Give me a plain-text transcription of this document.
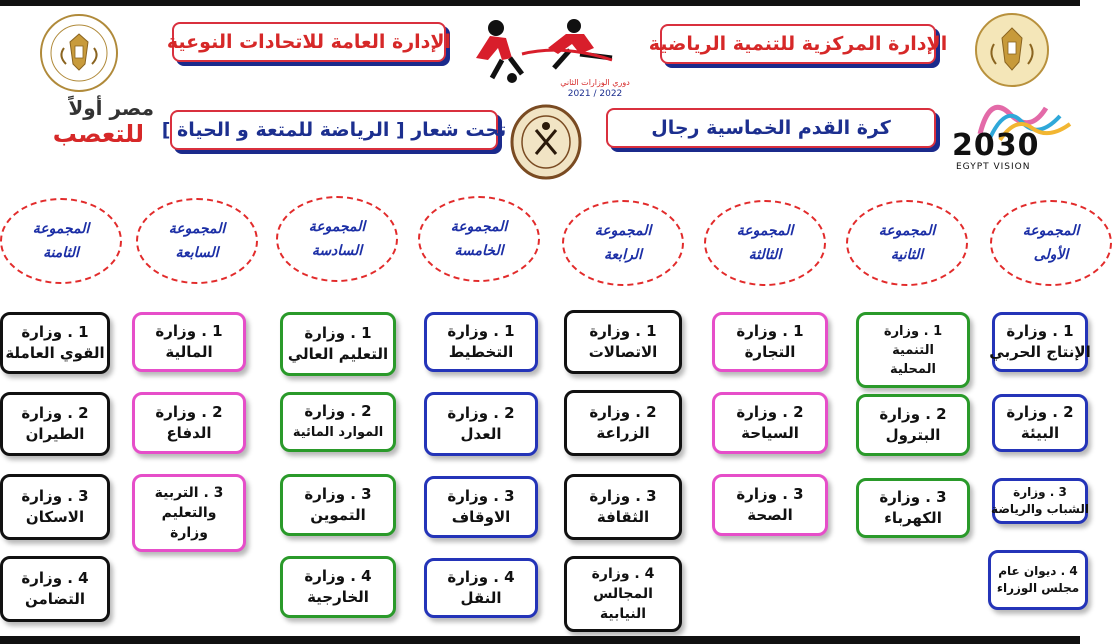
دوري الوزارات الثاني
2021 / 2022
الإدارة العامة للاتحادات النوعية	الإدارة المركزية للتنمية الرياضية
تحت شعار [ الرياضة للمتعة و الحياة ]	كرة القدم الخماسية رجال
مصر أولاً
للتعصب	2030
EGYPT VISION
المجموعة
الأولى
المجموعة
الثانية
المجموعة
الثالثة
المجموعة
الرابعة
المجموعة
الخامسة
المجموعة
السادسة
المجموعة
السابعة
المجموعة
الثامنة
1 . وزارة
الإنتاج الحربي
2 . وزارة
البيئة
3 . وزارة
الشباب والرياضة
4 . ديوان عام
مجلس الوزراء
1 . وزارة
التنمية
المحلية
2 . وزارة
البترول
3 . وزارة
الكهرباء
1 . وزارة
التجارة
2 . وزارة
السياحة
3 . وزارة
الصحة
1 . وزارة
الاتصالات
2 . وزارة
الزراعة
3 . وزارة
الثقافة
4 . وزارة
المجالس
النيابية
1 . وزارة
التخطيط
2 . وزارة
العدل
3 . وزارة
الاوقاف
4 . وزارة
النقل
1 . وزارة
التعليم العالي
2 . وزارة
الموارد المائية
3 . وزارة
التموين
4 . وزارة
الخارجية
1 . وزارة
المالية
2 . وزارة
الدفاع
3 . التربية
والتعليم
وزارة
1 . وزارة
القوي العاملة
2 . وزارة
الطيران
3 . وزارة
الاسكان
4 . وزارة
التضامن
